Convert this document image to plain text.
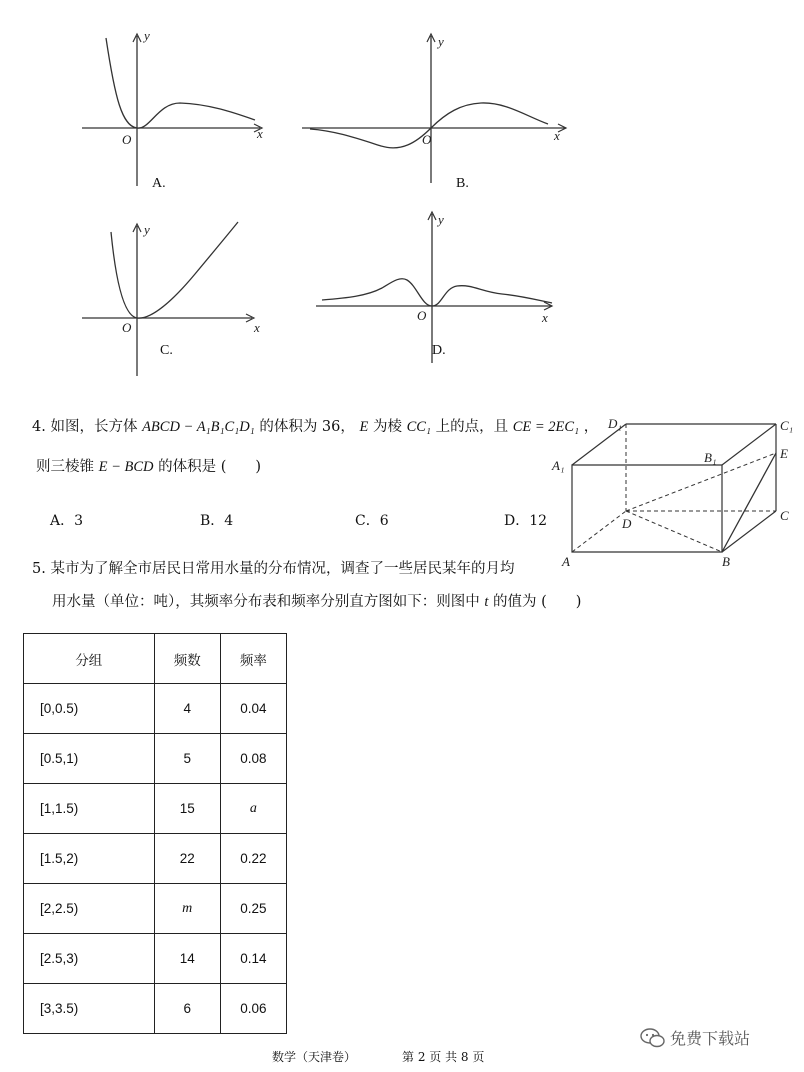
O	x
y
A.
O	x
y
B.
O	x
y
C.
O	x
y
D.
4. 如图，长方体 ABCD − A₁B₁C₁D₁ 的体积为 36， E 为棱 CC₁ 上的点，且 CE = 2EC₁ ，
则三棱锥 E − BCD 的体积是 (　　)
A．3	B．4	C．6	D．12
D₁	C₁
A₁
B₁	E
D
C
A	B
5. 某市为了解全市居民日常用水量的分布情况，调查了一些居民某年的月均
用水量（单位：吨），其频率分布表和频率分别直方图如下：则图中 t 的值为 (　　)
分组	频数	频率
[0,0.5)	4	0.04
[0.5,1)	5	0.08
[1,1.5)	15	a
[1.5,2)	22	0.22
[2,2.5)	m	0.25
[2.5,3)	14	0.14
[3,3.5)	6	0.06
免费下载站
数学（天津卷）	第 2 页 共 8 页
